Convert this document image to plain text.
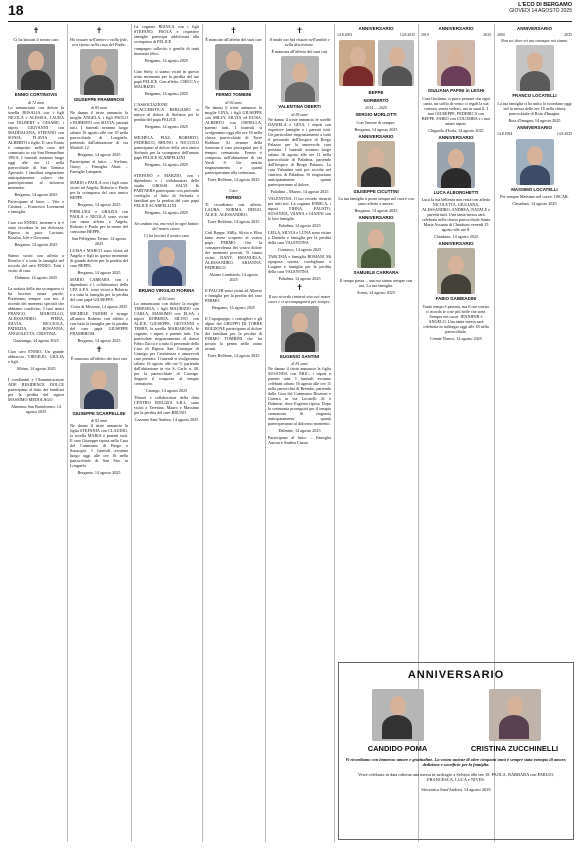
18	L'ECO DI BERGAMO
GIOVEDÌ 14 AGOSTO 2025
✝

Ci ha lasciati il nostro caro

ENNIO CORTINOVIS
di 72 anni

Lo annunciano con dolore la sorella ROSALIA con i figli NICOLA e ALESSIA, LAURA con DILBERT e CESARE, i nipoti GIOVANNI con MADDALENA, STEFANO con SONIA, FLAVIA con ALBERTO e figlie. Il caro Ennio è composto nella casa del commiato in via San Bernardino 199/A. I funerali avranno luogo oggi alle ore 11 nella parrocchiale di San Tomaso Apostolo. I familiari ringraziano anticipatamente coloro che parteciperanno al doloroso momento.

Bergamo, 14 agosto 2025

Partecipano al lutto: – Vito e Cristina; – Francesco Lorenzoni e famiglia.

Caro zio ENNIO, insieme a te è stata ricordata la tua dolcezza. Riposa in pace. Luciano, Rosalia, Jole e Giovanni.

Bergamo, 14 agosto 2025

Siamo vicini con affetto a Rosalia e a tutta la famiglia nel ricordo del caro ENNIO. Tutti i vicini di casa.

Dalmine, 14 agosto 2025

La notizia della tua scomparsa ci ha lasciato senza parole. Porteremo sempre con noi il ricordo dei momenti speciali che abbiamo condiviso. I tuoi amici FRANCO, MARCELLO, ALESSANDRO, PIERA, SILVIA, RICCIOLA, PATRIZIA, ROSANNA, ANGIOLETTA, CRISTINA.

Gazzaniga, 14 agosto 2025

Ciao caro ENNIO. Un grande abbraccio. VIRGILIO, GIULIA e figli.

Albino, 14 agosto 2025

I condòmini e l'Amministratore ADE RESIDENCE DOLCE partecipano al lutto dei familiari per la perdita del signor MASSIMO MEDOLAGO

Almenno San Bartolomeo, 14 agosto 2025

✝

Ho vissuto nell'amore e nella fede, ora riposo nella casa del Padre.

GIUSEPPE FRAMBROSI
di 85 anni

Ne danno il triste annuncio la moglie ANGELA, i figli PAOLO e ROBERTO con SILVIA, parenti tutti. I funerali avranno luogo sabato 16 agosto alle ore 10 nella parrocchiale di Longuelo, partendo dall'abitazione di via Mattioli 12.

Bergamo, 14 agosto 2025

Partecipano al lutto: – Stefano, Giusy; – Famiglia Abati; – Famiglie Lamperti.

MARIO e PAOLA con i figli sono vicini ad Angela, Roberto e Paolo per la scomparsa del caro amico BEPPE.

Bergamo, 14 agosto 2025

PIERLUIGI e GRAZIA con PAOLA e NICOLA sono vicini con tanto affetto a Angela, Roberto e Paolo per la morte del carissimo BEPPE.

San Pellegrino Terme, 14 agosto 2025

LUISA e MARCO sono vicini ad Angela e figli in questo momento di grande dolore per la perdita del caro BEPPE.

Bergamo, 14 agosto 2025

MARIO CARRARA con i dipendenti e i collaboratori della CPZ S.P.A. sono vicini a Roberto e a tutta la famiglia per la perdita del caro papà GIUSEPPE.

Costa di Mezzate, 14 agosto 2025

MICHELE TADDEI e stringe all'amico Roberto con affetto e con tutta la famiglia per la perdita del caro papà GIUSEPPE FRAMBROSI.

Bergamo, 14 agosto 2025

✝

È mancato all'affetto dei suoi cari

GIUSEPPE SCARPELLINI
di 92 anni

Ne danno il triste annuncio la figlia STEFANIA con CLAUDIO, la sorella MARIA e parenti tutti. Il caro Giuseppe riposa nella Casa del Commiato di Bergo e Sonzogni. I funerali avranno luogo oggi alle ore 16 nella parrocchiale di San Siro in Longuelo.

Bergamo, 14 agosto 2025

La cognata BIANCA con i figli STEFANO, PAOLA e rispettive famiglie partecipa addolorata alla scomparsa di FELICE

compagno sollecito e gentile di tanti momenti felici.

Bergamo, 14 agosto 2025

Ciao Stefy, ti siamo vicini in questo triste momento per la perdita del tuo papà FELICE. Con affetto, CHICCA e MAURIZIO.

Bergamo, 14 agosto 2025

L'ASSOCIAZIONE SCACCHISTICA BERGAMO si unisce al dolore di Stefania per la perdita del papà FELICE

Bergamo, 14 agosto 2025

MICHELA PIAZ, ROBERTO, FEDERICO, BRUNO e NICCOLÒ partecipano al dolore della cara amica Stefania per la scomparsa dell'amato papà FELICE SCARPELLINI

Bergamo, 14 agosto 2025

STEFANO e MARZIO, con i dipendenti e i collaboratori dello studio GROSSI SALVI & PARTNERS partecipano con profondo cordoglio al lutto di Stefania e familiari per la perdita del caro papà FELICE SCARPELLINI

Bergamo, 14 agosto 2025

Sei andato via, ma resti in ogni battito del nostro cuore.

Ci ha lasciati il nostro caro

BRUNO VIRGILIO FIORINA
di 82 anni

Lo annunciano con dolore la moglie TERESINA, i figli MAURIZIO con CARLA, MASSIMO con ELSA, i nipoti ROBERTA, SILVIO con ALICE, GIUSEPPE, GIOVANNI e TERRY, la sorella MARIAROSA, le cognate, i nipoti e parenti tutti. Un particolare ringraziamento al dottor Fabio Zucca e a tutto il personale della Casa di Riposo San Giuseppe di Casnigo per l'assistenza e amorevoli cure prestate. I funerali si svolgeranno sabato 16 agosto alle ore 9, partendo dall'abitazione in via S. Carlo n. 40, per la parrocchiale di Casnigo. Seguirà il trasporto al tempio crematorio.

Casnigo, 14 agosto 2025

Tiburzi e collaboratori della ditta CENTRO EDILIZIA S.R.L. sono vicini a Teresina, Mauro e Massimo per la perdita del caro BRUNO

Cazzano Sant'Andrea, 14 agosto 2025

✝

È mancato all'affetto dei suoi cari

FERMO TOMBINI
di 92 anni

Ne danno il triste annuncio la moglie LINA, i figli GIUSEPPE con MILLY, SILVIA ed ELISA, ALBERTO con ORNELLA, parenti tutti. I funerali si svolgeranno oggi alle ore 16 nella chiesa parrocchiale di Torre Boldone. Al termine della funzione il caro proseguirà per il tempio crematorio. Fermo è composto nell'abitazione di via Verdi 9. Un sentito ringraziamento a quanti parteciperanno alla cerimonia.

Torre Boldone, 14 agosto 2025

Caro

FERMO

Ti ricordiamo con affetto. LAURA, NORMA, DIEGO, ALICE, ALESSANDRO.

Torre Boldone, 14 agosto 2025

Carl Beppe, Milly, Silvia e Elisa tanto avete scoperto al vostro papà FERMO. Ora la consapevolezza del vostro dolore dei momenti provati. Ti siamo vicini. DANY, EMANUELA, ALESSANDRO, ARIANNA, FEDERICO.

Alzano Lombardo, 14 agosto 2025

Il FALCHI sono vicini ad Alberto e famiglia per la perdita del caro FERMO.

Bergamo, 14 agosto 2025

Il Capogruppo, i consiglieri e gli alpini del GRUPPO DI TORRE BOLDONE partecipano al dolore dei familiari per la perdita di FERMO TOMBINI che ha posato la penna nello zaino avanti.

Torre Boldone, 14 agosto 2025

✝

A modo tuo hai vissuto nell'umiltà e nella discrezione.

È mancata all'affetto dei suoi cari

VALENTINA OBERTI
di 85 anni

Ne danno il triste annuncio le sorelle DANIELA e GINA, i nipoti con rispettive famiglie e i parenti tutti. Un particolare ringraziamento a tutto il personale dell'hospice di Borgo Palazzo per la amorevole cura prestata. I funerali avranno luogo sabato 16 agosto alle ore 11 nella parrocchiale di Paladina, partendo dall'hospice di Borgo Palazzo. La cara Valentina sarà poi accolta nel cimitero di Paladina. Si ringraziano anticipatamente quanti parteciperanno al dolore.

Paladina – Mozzo, 14 agosto 2025

VALENTINA. Il tuo ricordo rimarrà per tutti noi. La cognata ENRICA, i nipoti YIHNA, FAUSTO, SUSANNA, VANNA e GIANNI con le loro famiglie.

Paladina, 14 agosto 2025

LEILA, SILVIA e LUNA sono vicine a Daniela e famiglia per la perdita della cara VALENTINA

Curnasco, 14 agosto 2025

TARCISIA e famiglia ROMANI Mi ripuposa serena, cordogliano a Luigina e famiglia per la perdita della cara VALENTINA

Paladina, 14 agosto 2025

✝

Il tuo ricordo rimarrà vivo nei nostri cuori e ci accompagnerà per sempre.

EUGENIO SANTINI
di 81 anni

Ne danno il triste annuncio la figlia SUSANNA con ERIC, i nipoti e parenti tutti. I funerali avranno celebrati sabato 16 agosto alle ore 11 nella parrocchia di Brembo, partendo dalla Casa del Commiato Bizzioni e Carrara in via Locatelli 41 a Dalmine, dove Eugenio riposa. Dopo la cerimonia proseguirà per il tempio crematorio. Si ringrazia anticipatamente quanti parteciperanno al doloroso momento.

Dalmine, 14 agosto 2025

Partecipano al lutto: – Famiglia Aurora e Andrea Cassia

ANNIVERSARIO
14.8.2003	14.8.2025
BEPPE
NORBERTO
2014 — 2025
SERGIO MORLOTTI

Con l'amore di sempre.

Bergamo, 14 agosto 2025

ANNIVERSARIO
GIUSEPPE CICUTTINI

La tua famiglia ti porta sempre nel cuore con tanto affetto e amore.

Bergamo, 14 agosto 2025

ANNIVERSARIO
SAMUELE CARRARA

Il tempo passa… ma noi siamo sempre con noi. La tua famiglia.

Scena, 14 agosto 2025

ANNIVERSARIO
2019	2025
GIULIANA PAPINI in LEGHI

Cara Giuliana, ci piace pensare che ogni tanto, un soffio di vento ci regali la tua carezza, senza vederti, ma tu sarai lì. I tuoi GIUSEPPE, FEDERICA con BEPPE, FABIO con COLOMBA e i tuoi amati nipoti.

Chignolo d'Isola, 14 agosto 2025

ANNIVERSARIO
LUCA ALBORGHETTI

Luca la tua bellezza non resta con affetto NICOLETTA, GIULIANA, ALESSANDRO, ANDREA, NATALE e parenti tutti. Una santa messa sarà celebrata nella chiesa parrocchiale Santa Maria Assunta di Chiuduno venerdì 15 agosto alle ore 8.

Chiuduno, 14 agosto 2025

ANNIVERSARIO
FABIO GABBIADINI

Tanto tempo è passato, ma il tuo sorriso ci ricorda le cose più belle che siete. Sempre nei cuori. JENNIFER e ANGELO. Una santa messa sarà celebrata in suffragio oggi alle 18 nella parrocchiale.

Cenate Nuovo, 14 agosto 2025

ANNIVERSARIO
2004	2025

Non sei dove eri ma ovunque noi siamo.

FRANCO LOCATELLI

La tua famiglia ci ha unito lo ricordano oggi nel la messa delle ore 18 nella chiesa parrocchiale di Rota d'Imagna.

Rota d'Imagna, 14 agosto 2025

ANNIVERSARIO
14.8.1994	14.8.2025
MASSIMO LOCATELLI

Per sempre Massimo nel cuore. OSCAR.

Chiuduno, 14 agosto 2025

ANNIVERSARIO
CANDIDO POMA	CRISTINA ZUCCHINELLI
Vi ricordiamo con immenso amore e gratitudine. La vostra unione di oltre cinquant'anni è sempre stata esempio di amore, dedizione e sacrificio per la famiglia.
Verrà celebrata in data odierna una messa in suffragio a Selvino alle ore 18. PAOLA, BARBARA con EMILIO, FRANCESCA, LUCA e NIVES.
Sforzatica Sant'Andrea, 14 agosto 2025
